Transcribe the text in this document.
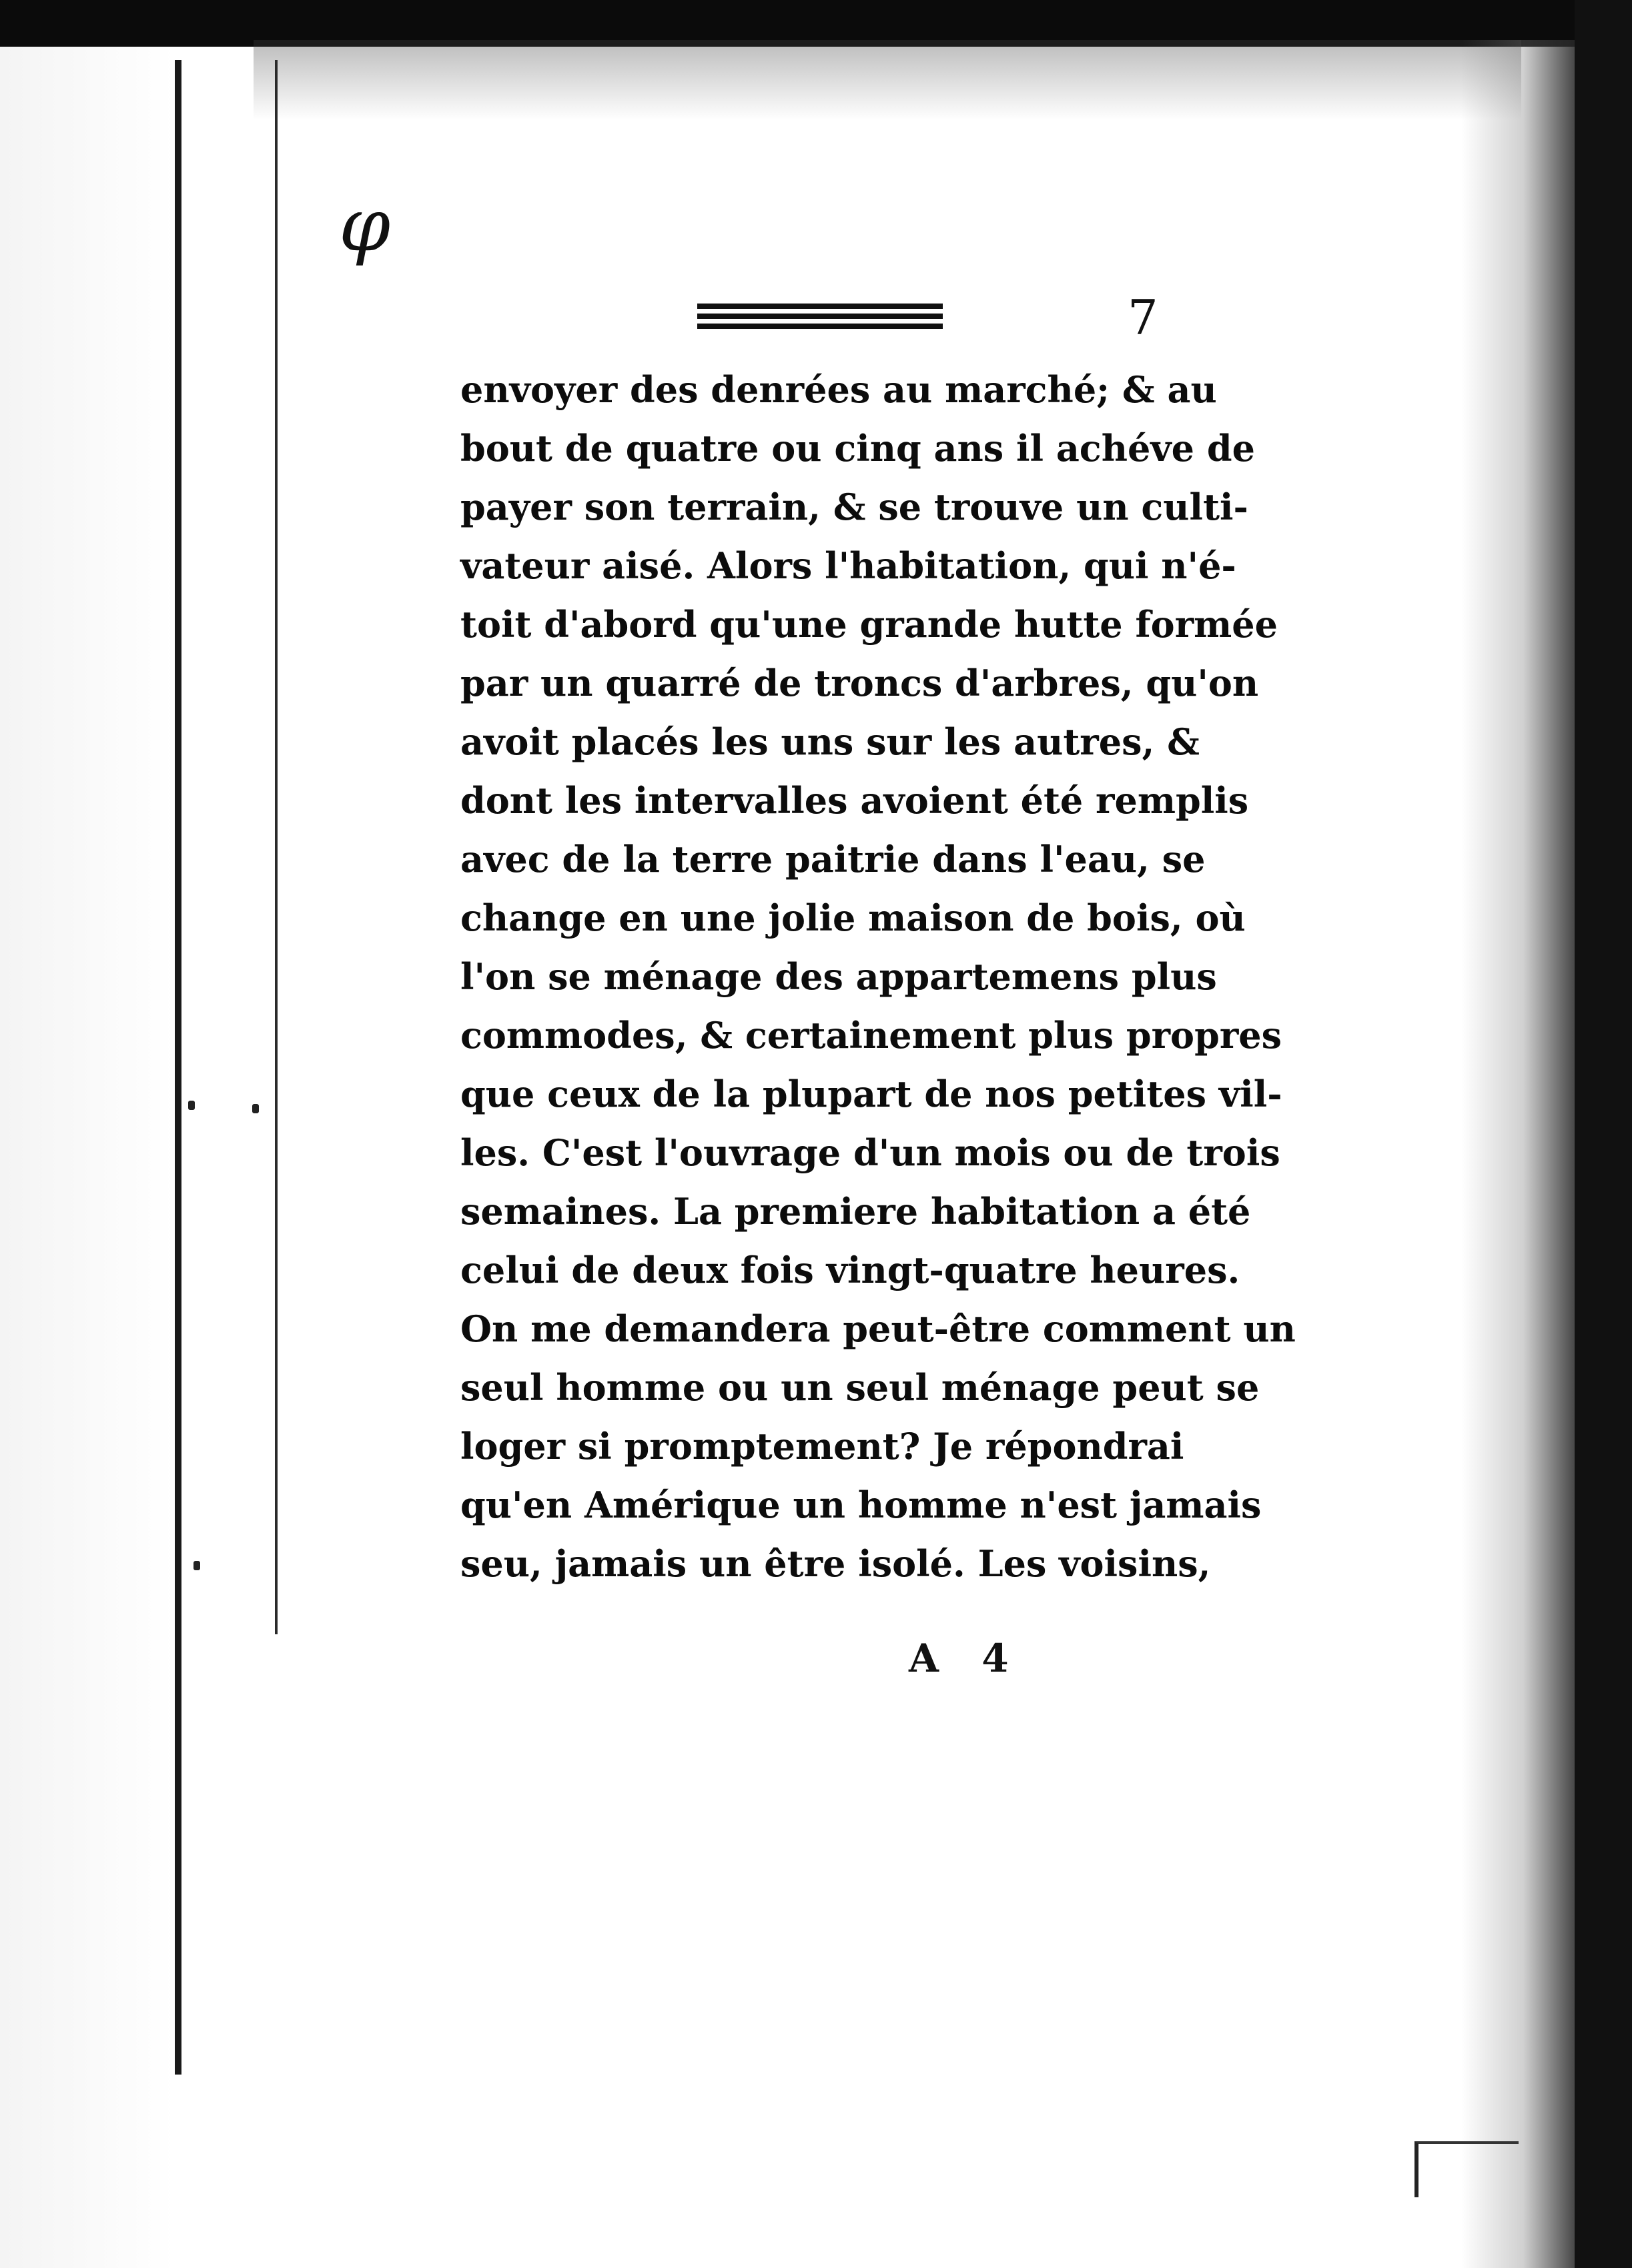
φ
7
envoyer des denrées au marché; & au
bout de quatre ou cinq ans il achéve de
payer son terrain, & se trouve un culti-
vateur aisé. Alors l'habitation, qui n'é-
toit d'abord qu'une grande hutte formée
par un quarré de troncs d'arbres, qu'on
avoit placés les uns sur les autres, &
dont les intervalles avoient été remplis
avec de la terre paitrie dans l'eau, se
change en une jolie maison de bois, où
l'on se ménage des appartemens plus
commodes, & certainement plus propres
que ceux de la plupart de nos petites vil-
les. C'est l'ouvrage d'un mois ou de trois
semaines. La premiere habitation a été
celui de deux fois vingt-quatre heures.
On me demandera peut-être comment un
seul homme ou un seul ménage peut se
loger si promptement? Je répondrai
qu'en Amérique un homme n'est jamais
seu, jamais un être isolé. Les voisins,
A 4
